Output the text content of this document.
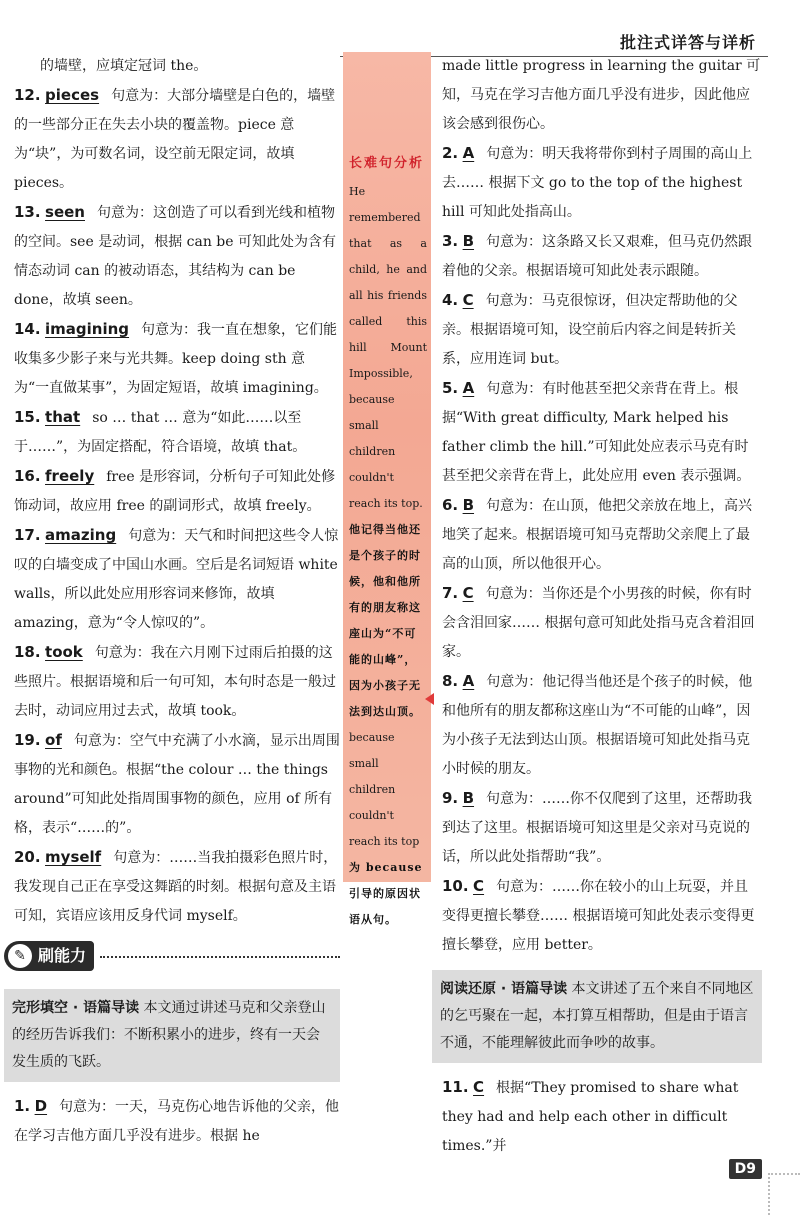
批注式详答与详析

的墙壁，应填定冠词 the。

12. pieces 句意为：大部分墙壁是白色的，墙壁的一些部分正在失去小块的覆盖物。piece 意为“块”，为可数名词，设空前无限定词，故填 pieces。

13. seen 句意为：这创造了可以看到光线和植物的空间。see 是动词，根据 can be 可知此处为含有情态动词 can 的被动语态，其结构为 can be done，故填 seen。

14. imagining 句意为：我一直在想象，它们能收集多少影子来与光共舞。keep doing sth 意为“一直做某事”，为固定短语，故填 imagining。

15. that so … that … 意为“如此……以至于……”，为固定搭配，符合语境，故填 that。

16. freely free 是形容词，分析句子可知此处修饰动词，故应用 free 的副词形式，故填 freely。

17. amazing 句意为：天气和时间把这些令人惊叹的白墙变成了中国山水画。空后是名词短语 white walls，所以此处应用形容词来修饰，故填 amazing，意为“令人惊叹的”。

18. took 句意为：我在六月刚下过雨后拍摄的这些照片。根据语境和后一句可知，本句时态是一般过去时，动词应用过去式，故填 took。

19. of 句意为：空气中充满了小水滴，显示出周围事物的光和颜色。根据“the colour … the things around”可知此处指周围事物的颜色，应用 of 所有格，表示“……的”。

20. myself 句意为：……当我拍摄彩色照片时，我发现自己正在享受这舞蹈的时刻。根据句意及主语可知，宾语应该用反身代词 myself。

✎ 刷能力
完形填空 · 语篇导读 本文通过讲述马克和父亲登山的经历告诉我们：不断积累小的进步，终有一天会发生质的飞跃。

1. D 句意为：一天，马克伤心地告诉他的父亲，他在学习吉他方面几乎没有进步。根据 he

长难句分析
He remembered that as a child, he and all his friends called this hill Mount Impossible, because small children couldn't reach its top.
他记得当他还是个孩子的时候，他和他所有的朋友称这座山为“不可能的山峰”，因为小孩子无法到达山顶。
because small children couldn't reach its top
为 because 引导的原因状语从句。

made little progress in learning the guitar 可知，马克在学习吉他方面几乎没有进步，因此他应该会感到很伤心。

2. A 句意为：明天我将带你到村子周围的高山上去…… 根据下文 go to the top of the highest hill 可知此处指高山。

3. B 句意为：这条路又长又艰难，但马克仍然跟着他的父亲。根据语境可知此处表示跟随。

4. C 句意为：马克很惊讶，但决定帮助他的父亲。根据语境可知，设空前后内容之间是转折关系，应用连词 but。

5. A 句意为：有时他甚至把父亲背在背上。根据“With great difficulty, Mark helped his father climb the hill.”可知此处应表示马克有时甚至把父亲背在背上，此处应用 even 表示强调。

6. B 句意为：在山顶，他把父亲放在地上，高兴地笑了起来。根据语境可知马克帮助父亲爬上了最高的山顶，所以他很开心。

7. C 句意为：当你还是个小男孩的时候，你有时会含泪回家…… 根据句意可知此处指马克含着泪回家。

8. A 句意为：他记得当他还是个孩子的时候，他和他所有的朋友都称这座山为“不可能的山峰”，因为小孩子无法到达山顶。根据语境可知此处指马克小时候的朋友。

9. B 句意为：……你不仅爬到了这里，还帮助我到达了这里。根据语境可知这里是父亲对马克说的话，所以此处指帮助“我”。

10. C 句意为：……你在较小的山上玩耍，并且变得更擅长攀登…… 根据语境可知此处表示变得更擅长攀登，应用 better。

阅读还原 · 语篇导读 本文讲述了五个来自不同地区的乞丐聚在一起，本打算互相帮助，但是由于语言不通，不能理解彼此而争吵的故事。

11. C 根据“They promised to share what they had and help each other in difficult times.”并

D9
